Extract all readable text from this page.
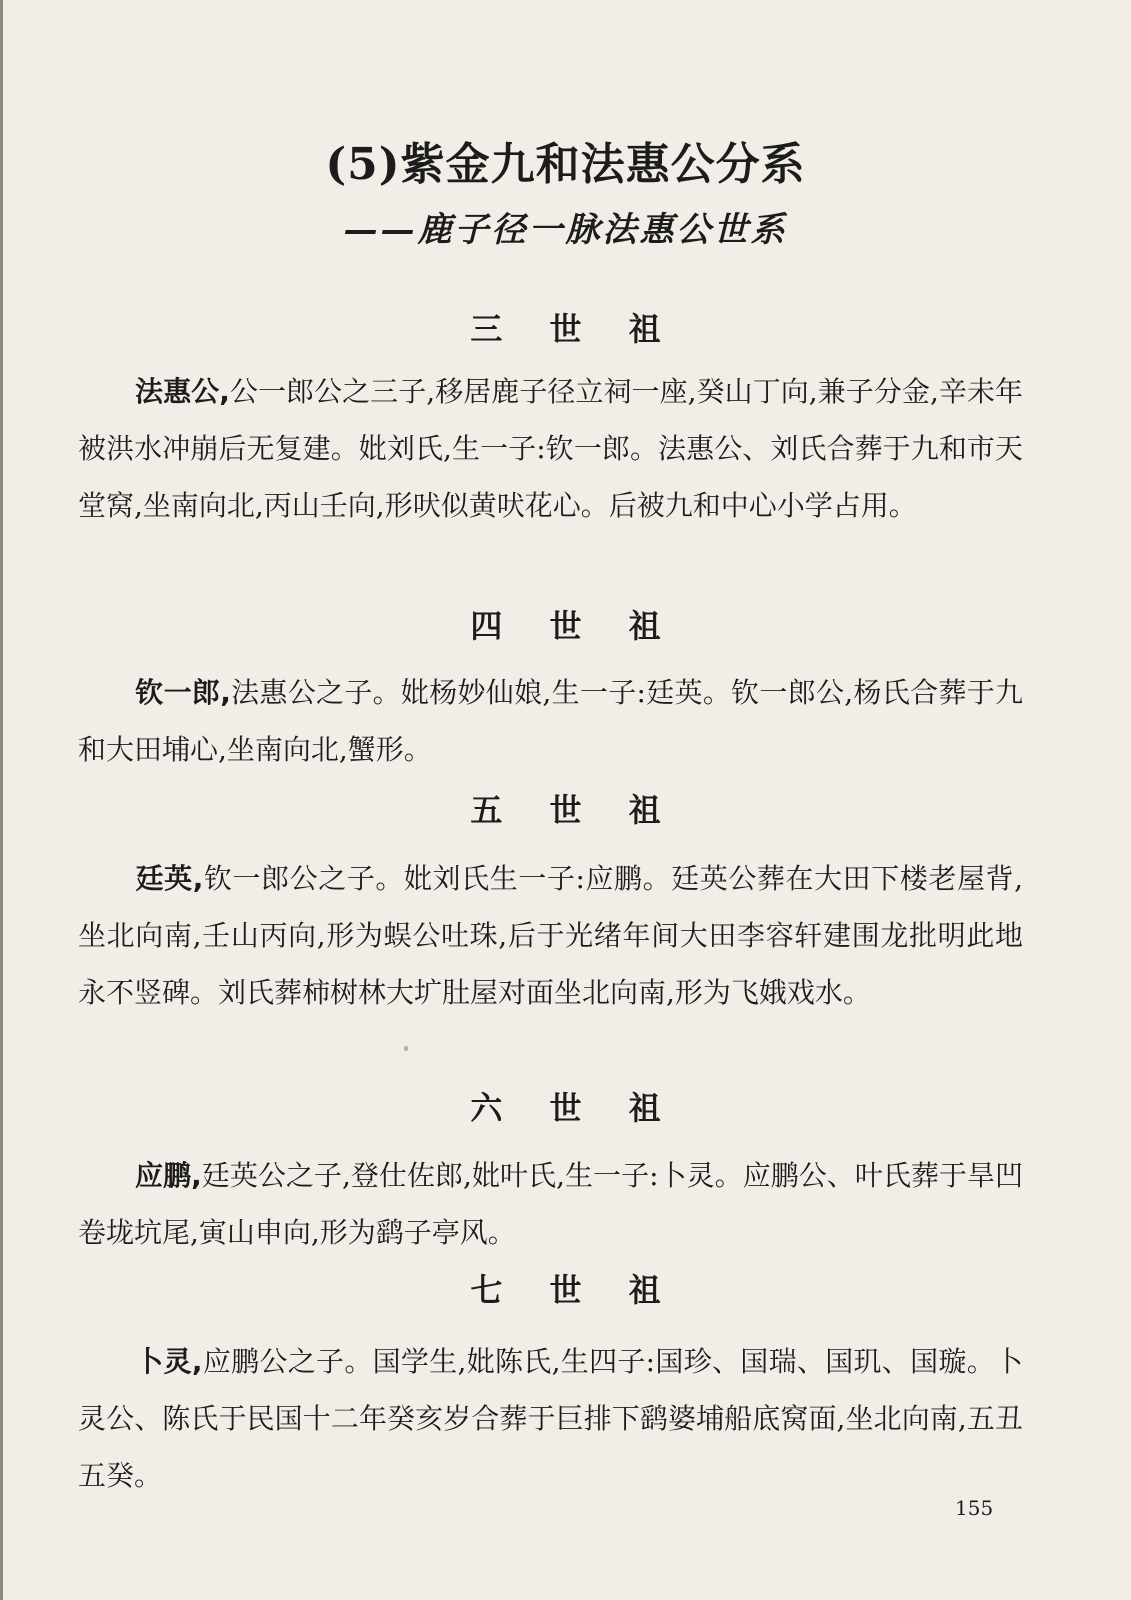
(5)紫金九和法惠公分系
——鹿子径一脉法惠公世系
三 世 祖

法惠公,公一郎公之三子,移居鹿子径立祠一座,癸山丁向,兼子分金,辛未年被洪水冲崩后无复建。妣刘氏,生一子:钦一郎。法惠公、刘氏合葬于九和市天堂窝,坐南向北,丙山壬向,形吠似黄吠花心。后被九和中心小学占用。

四 世 祖

钦一郎,法惠公之子。妣杨妙仙娘,生一子:廷英。钦一郎公,杨氏合葬于九和大田埔心,坐南向北,蟹形。

五 世 祖

廷英,钦一郎公之子。妣刘氏生一子:应鹏。廷英公葬在大田下楼老屋背,坐北向南,壬山丙向,形为蜈公吐珠,后于光绪年间大田李容轩建围龙批明此地永不竖碑。刘氏葬柿树林大圹肚屋对面坐北向南,形为飞娥戏水。

六 世 祖

应鹏,廷英公之子,登仕佐郎,妣叶氏,生一子:卜灵。应鹏公、叶氏葬于旱凹卷垅坑尾,寅山申向,形为鹞子亭风。

七 世 祖

卜灵,应鹏公之子。国学生,妣陈氏,生四子:国珍、国瑞、国玑、国璇。卜灵公、陈氏于民国十二年癸亥岁合葬于巨排下鹞婆埔船底窝面,坐北向南,五丑五癸。

155
